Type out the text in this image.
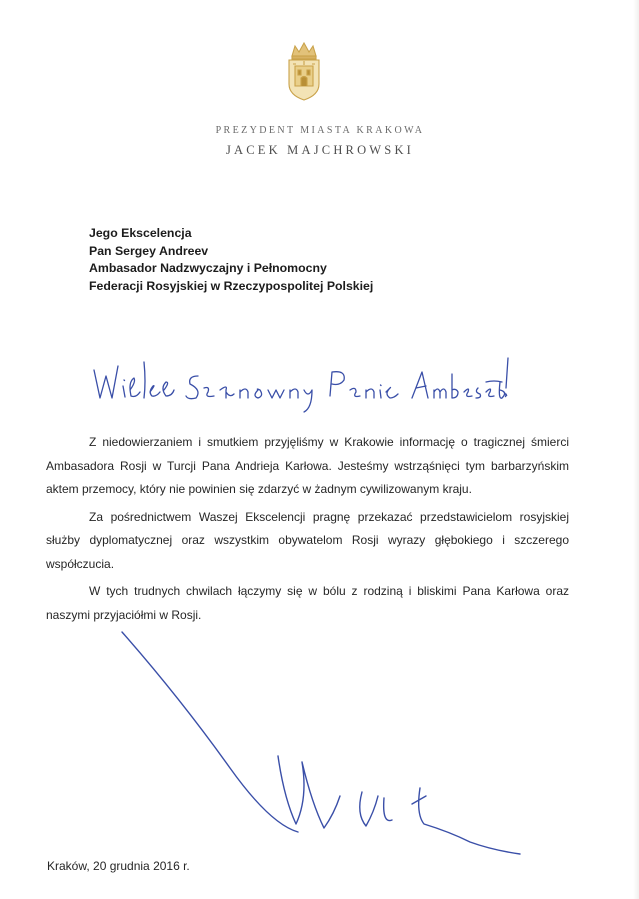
PREZYDENT MIASTA KRAKOWA
JACEK MAJCHROWSKI
Jego Ekscelencja
Pan Sergey Andreev
Ambasador Nadzwyczajny i Pełnomocny
Federacji Rosyjskiej w Rzeczypospolitej Polskiej
Z niedowierzaniem i smutkiem przyjęliśmy w Krakowie informację o tragicznej śmierci
Ambasadora Rosji w Turcji Pana Andrieja Karłowa. Jesteśmy wstrząśnięci tym barbarzyńskim
aktem przemocy, który nie powinien się zdarzyć w żadnym cywilizowanym kraju.
Za pośrednictwem Waszej Ekscelencji pragnę przekazać przedstawicielom rosyjskiej
służby dyplomatycznej oraz wszystkim obywatelom Rosji wyrazy głębokiego i szczerego
współczucia.
W tych trudnych chwilach łączymy się w bólu z rodziną i bliskimi Pana Karłowa oraz
naszymi przyjaciółmi w Rosji.
Kraków, 20 grudnia 2016 r.
